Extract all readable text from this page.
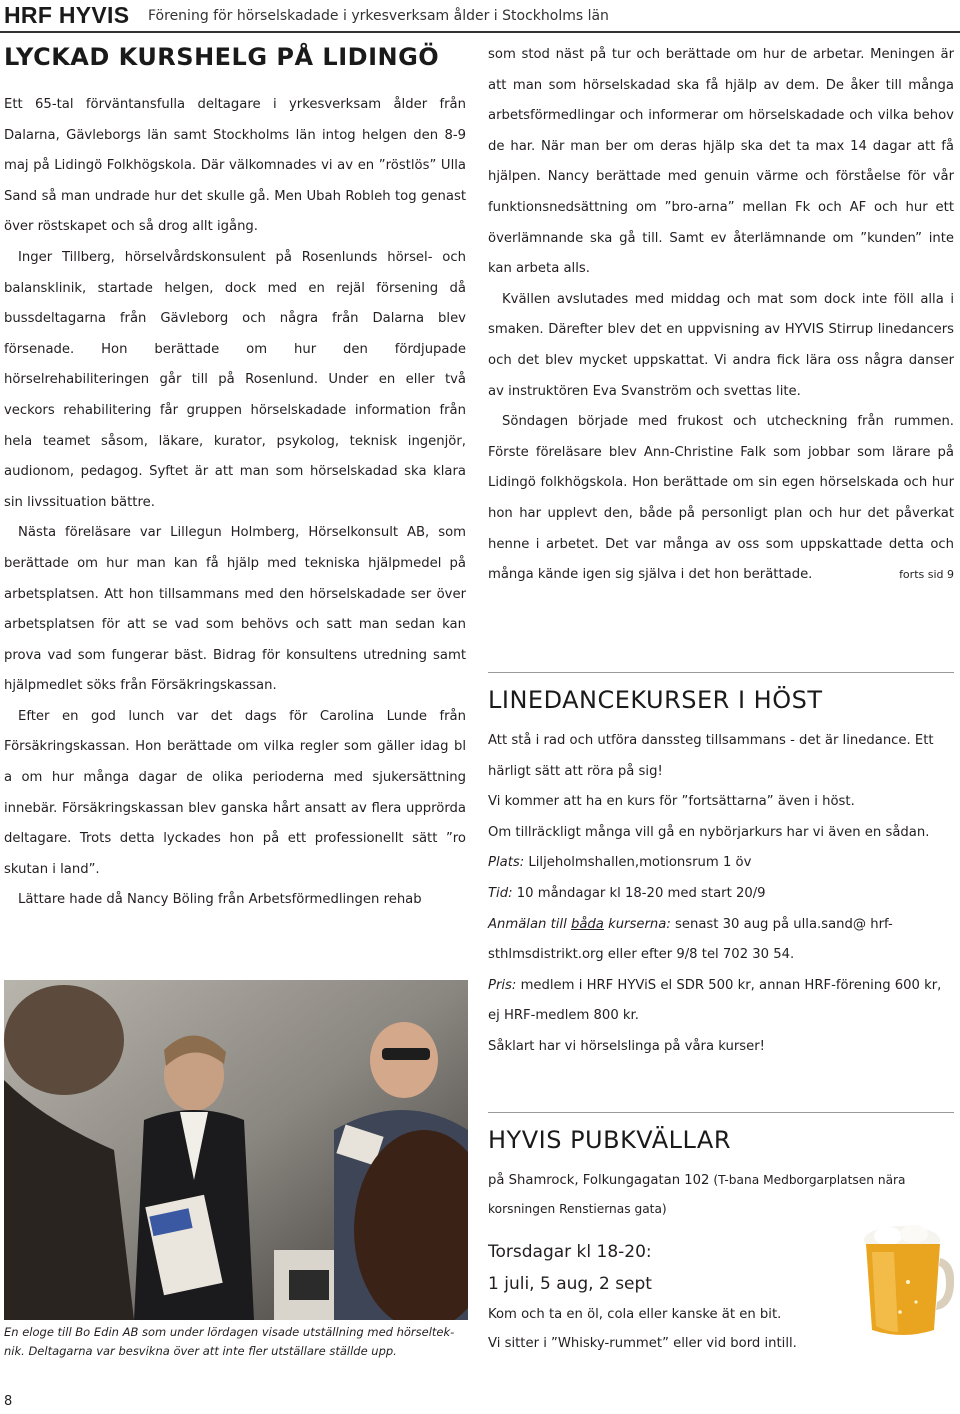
HRF HYVIS Förening för hörselskadade i yrkesverksam ålder i Stockholms län
LYCKAD KURSHELG PÅ LIDINGÖ

Ett 65-tal förväntansfulla deltagare i yrkesverksam ålder från Dalarna, Gävleborgs län samt Stockholms län intog helgen den 8-9 maj på Lidingö Folkhögskola. Där välkomnades vi av en ”röstlös” Ulla Sand så man undrade hur det skulle gå. Men Ubah Robleh tog genast över röstskapet och så drog allt igång.

Inger Tillberg, hörselvårdskonsulent på Rosenlunds hörsel- och balansklinik, startade helgen, dock med en rejäl försening då bussdeltagarna från Gävleborg och några från Dalarna blev försenade. Hon berättade om hur den fördjupade hörselrehabiliteringen går till på Rosenlund. Under en eller två veckors rehabilitering får gruppen hörselskadade information från hela teamet såsom, läkare, kurator, psykolog, teknisk ingenjör, audionom, pedagog. Syftet är att man som hörselskadad ska klara sin livssituation bättre.

Nästa föreläsare var Lillegun Holmberg, Hörselkonsult AB, som berättade om hur man kan få hjälp med tekniska hjälpmedel på arbetsplatsen. Att hon tillsammans med den hörselskadade ser över arbetsplatsen för att se vad som behövs och satt man sedan kan prova vad som fungerar bäst. Bidrag för konsultens utredning samt hjälpmedlet söks från Försäkringskassan.

Efter en god lunch var det dags för Carolina Lunde från Försäkringskassan. Hon berättade om vilka regler som gäller idag bl a om hur många dagar de olika perioderna med sjukersättning innebär. Försäkringskassan blev ganska hårt ansatt av flera upprörda deltagare. Trots detta lyckades hon på ett professionellt sätt ”ro skutan i land”.

Lättare hade då Nancy Böling från Arbetsförmedlingen rehab

En eloge till Bo Edin AB som under lördagen visade utställning med hörseltek-nik. Deltagarna var besvikna över att inte fler utställare ställde upp.

som stod näst på tur och berättade om hur de arbetar. Meningen är att man som hörselskadad ska få hjälp av dem. De åker till många arbetsförmedlingar och informerar om hörselskadade och vilka behov de har. När man ber om deras hjälp ska det ta max 14 dagar att få hjälpen. Nancy berättade med genuin värme och förståelse för vår funktionsnedsättning om ”bro-arna” mellan Fk och AF och hur ett överlämnande ska gå till. Samt ev återlämnande om ”kunden” inte kan arbeta alls.

Kvällen avslutades med middag och mat som dock inte föll alla i smaken. Därefter blev det en uppvisning av HYVIS Stirrup linedancers och det blev mycket uppskattat. Vi andra fick lära oss några danser av instruktören Eva Svanström och svettas lite.

Söndagen började med frukost och utcheckning från rummen. Förste föreläsare blev Ann-Christine Falk som jobbar som lärare på Lidingö folkhögskola. Hon berättade om sin egen hörselskada och hur hon har upplevt den, både på personligt plan och hur det påverkat henne i arbetet. Det var många av oss som uppskattade detta och många kände igen sig själva i det hon berättade.	forts sid 9

LINEDANCEKURSER I HÖST

Att stå i rad och utföra danssteg tillsammans - det är linedance. Ett härligt sätt att röra på sig!

Vi kommer att ha en kurs för ”fortsättarna” även i höst.

Om tillräckligt många vill gå en nybörjarkurs har vi även en sådan.

Plats: Liljeholmshallen,motionsrum 1 öv

Tid: 10 måndagar kl 18-20 med start 20/9

Anmälan till båda kurserna: senast 30 aug på ulla.sand@ hrf-sthlmsdistrikt.org eller efter 9/8 tel 702 30 54.

Pris: medlem i HRF HYViS el SDR 500 kr, annan HRF-förening 600 kr, ej HRF-medlem 800 kr.

Såklart har vi hörselslinga på våra kurser!

HYVIS PUBKVÄLLAR

på Shamrock, Folkungagatan 102 (T-bana Medborgarplatsen nära korsningen Renstiernas gata)

Torsdagar kl 18-20:

1 juli, 5 aug, 2 sept

Kom och ta en öl, cola eller kanske ät en bit.

Vi sitter i ”Whisky-rummet” eller vid bord intill.

8
